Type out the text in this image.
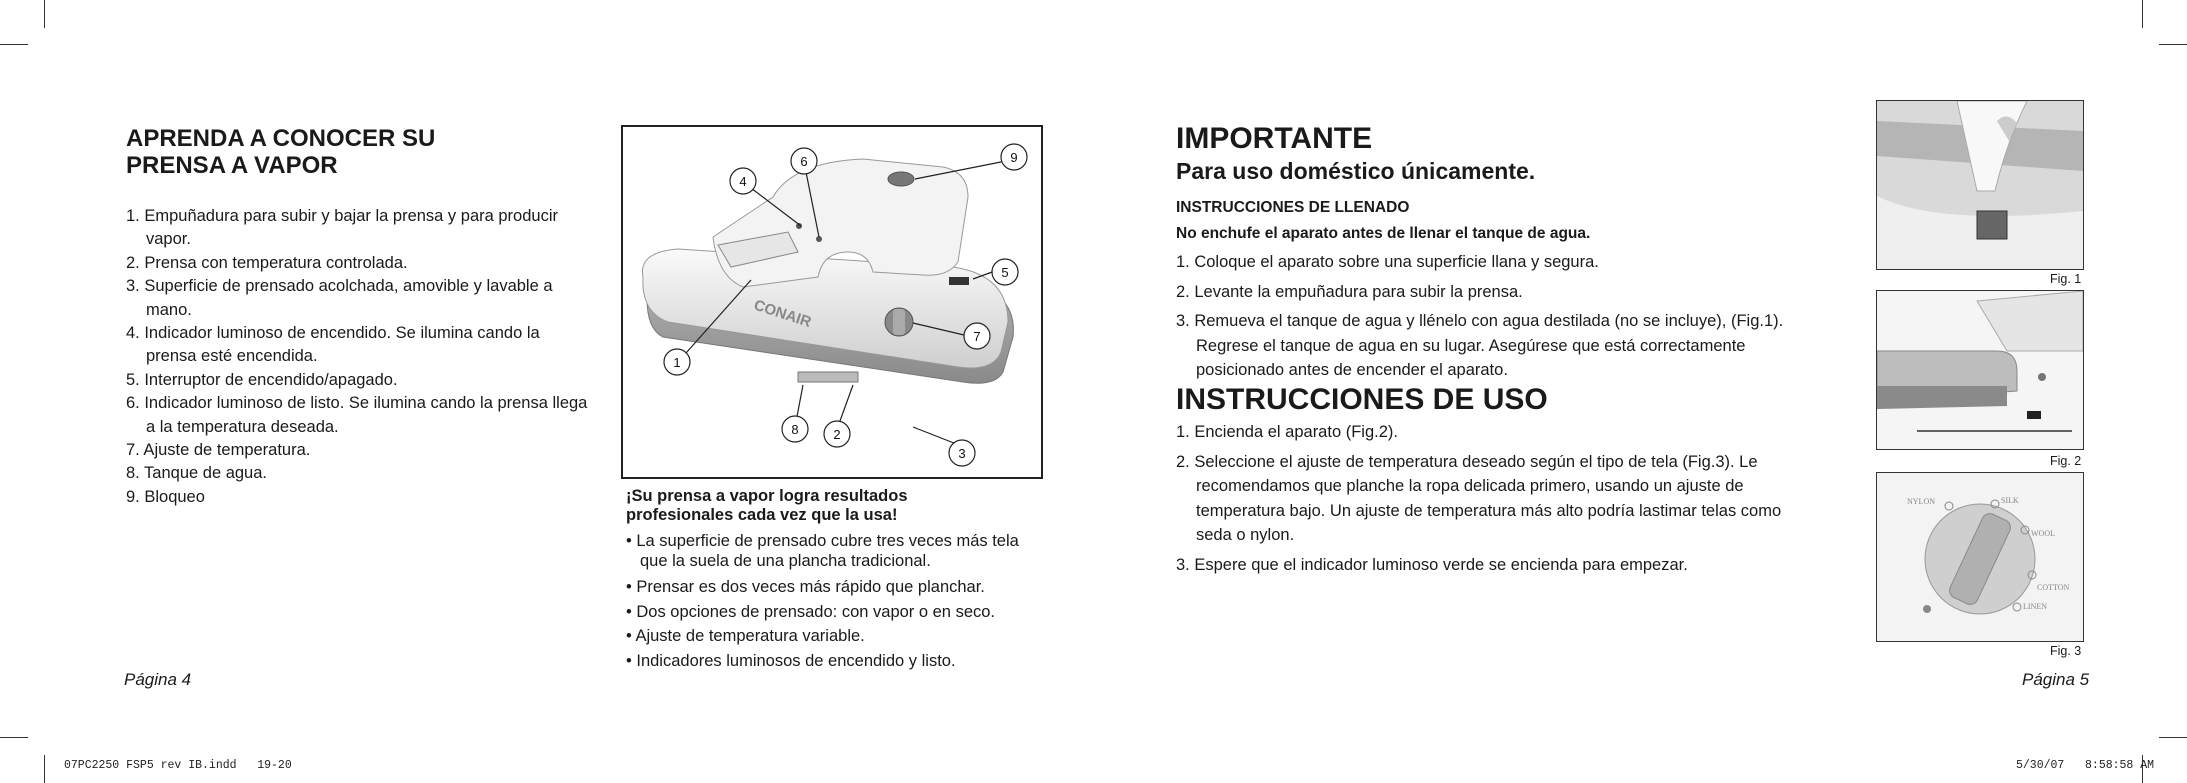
APRENDA A CONOCER SU
PRENSA A VAPOR
1. Empuñadura para subir y bajar la prensa y para producir vapor.
2. Prensa con temperatura controlada.
3. Superficie de prensado acolchada, amovible y lavable a mano.
4. Indicador luminoso de encendido. Se ilumina cando la prensa esté encendida.
5. Interruptor de encendido/apagado.
6. Indicador luminoso de listo. Se ilumina cando la prensa llega a la temperatura deseada.
7. Ajuste de temperatura.
8. Tanque de agua.
9. Bloqueo
Página 4
CONAIR
1
2
3
4
5
6
7
8
9
¡Su prensa a vapor logra resultados
profesionales cada vez que la usa!
• La superficie de prensado cubre tres veces más tela que la suela de una plancha tradicional.
• Prensar es dos veces más rápido que planchar.
• Dos opciones de prensado: con vapor o en seco.
• Ajuste de temperatura variable.
• Indicadores luminosos de encendido y listo.
IMPORTANTE
Para uso doméstico únicamente.
INSTRUCCIONES DE LLENADO
No enchufe el aparato antes de llenar el tanque de agua.
1. Coloque el aparato sobre una superficie llana y segura.
2. Levante la empuñadura para subir la prensa.
3. Remueva el tanque de agua y llénelo con agua destilada (no se incluye), (Fig.1). Regrese el tanque de agua en su lugar. Asegúrese que está correctamente posicionado antes de encender el aparato.
INSTRUCCIONES DE USO
1. Encienda el aparato (Fig.2).
2. Seleccione el ajuste de temperatura deseado según el tipo de tela (Fig.3). Le recomendamos que planche la ropa delicada primero, usando un ajuste de temperatura bajo. Un ajuste de temperatura más alto podría lastimar telas como seda o nylon.
3. Espere que el indicador luminoso verde se encienda para empezar.
Página 5
Fig. 1
Fig. 2
NYLON	SILK
WOOL
COTTON
LINEN
Fig. 3
07PC2250 FSP5 rev IB.indd   19-20	5/30/07   8:58:58 AM
